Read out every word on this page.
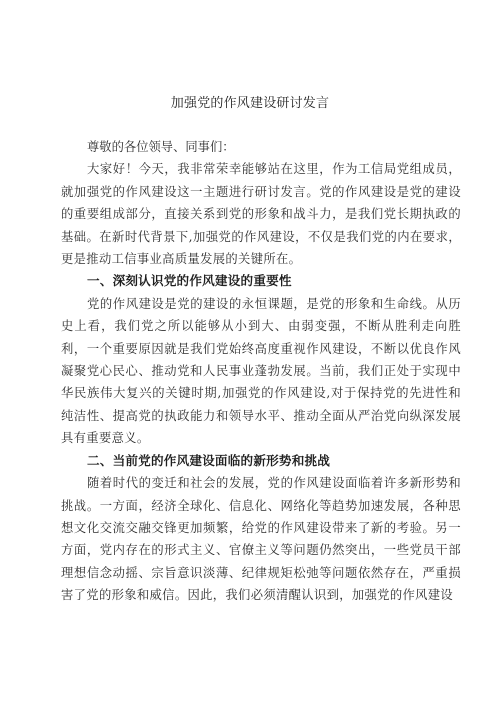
加强党的作风建设研讨发言

尊敬的各位领导、同事们：

大家好！今天，我非常荣幸能够站在这里，作为工信局党组成员，就加强党的作风建设这一主题进行研讨发言。党的作风建设是党的建设的重要组成部分，直接关系到党的形象和战斗力，是我们党长期执政的基础。在新时代背景下,加强党的作风建设，不仅是我们党的内在要求，更是推动工信事业高质量发展的关键所在。

一、深刻认识党的作风建设的重要性

党的作风建设是党的建设的永恒课题，是党的形象和生命线。从历史上看，我们党之所以能够从小到大、由弱变强，不断从胜利走向胜利，一个重要原因就是我们党始终高度重视作风建设，不断以优良作风凝聚党心民心、推动党和人民事业蓬勃发展。当前，我们正处于实现中华民族伟大复兴的关键时期,加强党的作风建设,对于保持党的先进性和纯洁性、提高党的执政能力和领导水平、推动全面从严治党向纵深发展具有重要意义。

二、当前党的作风建设面临的新形势和挑战

随着时代的变迁和社会的发展，党的作风建设面临着许多新形势和挑战。一方面，经济全球化、信息化、网络化等趋势加速发展，各种思想文化交流交融交锋更加频繁，给党的作风建设带来了新的考验。另一方面，党内存在的形式主义、官僚主义等问题仍然突出，一些党员干部理想信念动摇、宗旨意识淡薄、纪律规矩松弛等问题依然存在，严重损害了党的形象和威信。因此，我们必须清醒认识到，加强党的作风建设
